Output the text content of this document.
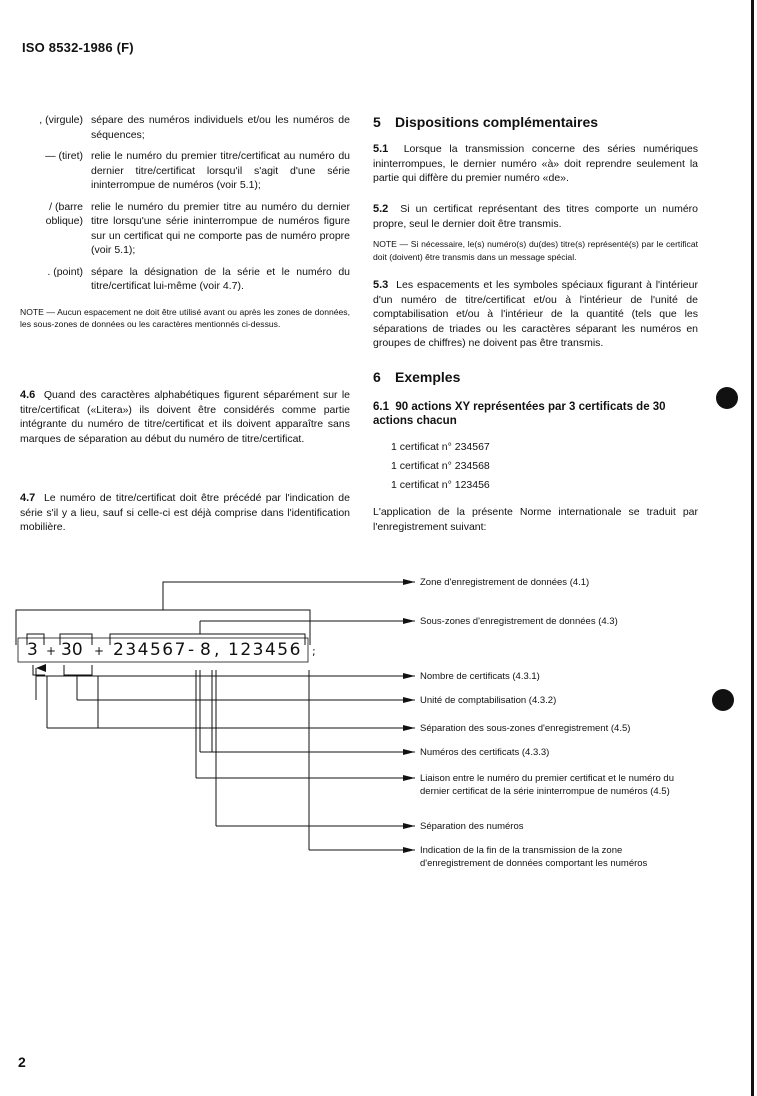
ISO 8532-1986 (F)
, (virgule) sépare des numéros individuels et/ou les numéros de séquences;
— (tiret) relie le numéro du premier titre/certificat au numéro du dernier titre/certificat lorsqu'il s'agit d'une série ininterrompue de numéros (voir 5.1);
/ (barre oblique)
relie le numéro du premier titre au numéro du dernier titre lorsqu'une série ininterrompue de numéros figure sur un certificat qui ne comporte pas de numéro propre (voir 5.1);
. (point) sépare la désignation de la série et le numéro du titre/certificat lui-même (voir 4.7).
NOTE — Aucun espacement ne doit être utilisé avant ou après les zones de données, les sous-zones de données ou les caractères mentionnés ci-dessus.
4.6 Quand des caractères alphabétiques figurent séparément sur le titre/certificat («Litera») ils doivent être considérés comme partie intégrante du numéro de titre/certificat et ils doivent apparaître sans marques de séparation au début du numéro de titre/certificat.
4.7 Le numéro de titre/certificat doit être précédé par l'indication de série s'il y a lieu, sauf si celle-ci est déjà comprise dans l'identification mobilière.
5 Dispositions complémentaires
5.1 Lorsque la transmission concerne des séries numériques ininterrompues, le dernier numéro «à» doit reprendre seulement la partie qui diffère du premier numéro «de».
5.2 Si un certificat représentant des titres comporte un numéro propre, seul le dernier doit être transmis.
NOTE — Si nécessaire, le(s) numéro(s) du(des) titre(s) représenté(s) par le certificat doit (doivent) être transmis dans un message spécial.
5.3 Les espacements et les symboles spéciaux figurant à l'intérieur d'un numéro de titre/certificat et/ou à l'intérieur de l'unité de comptabilisation et/ou à l'intérieur de la quantité (tels que les séparations de triades ou les caractères séparant les numéros en groupes de chiffres) ne doivent pas être transmis.
6 Exemples
6.1 90 actions XY représentées par 3 certificats de 30 actions chacun
1 certificat n° 234567
1 certificat n° 234568
1 certificat n° 123456
L'application de la présente Norme internationale se traduit par l'enregistrement suivant:
3 + 30 + 234567 - 8 , 123456 ;
Zone d'enregistrement de données (4.1)
Sous-zones d'enregistrement de données (4.3)
Nombre de certificats (4.3.1)
Unité de comptabilisation (4.3.2)
Séparation des sous-zones d'enregistrement (4.5)
Numéros des certificats (4.3.3)
Liaison entre le numéro du premier certificat et le numéro du dernier certificat de la série ininterrompue de numéros (4.5)
Séparation des numéros
Indication de la fin de la transmission de la zone d'enregistrement de données comportant les numéros
2
